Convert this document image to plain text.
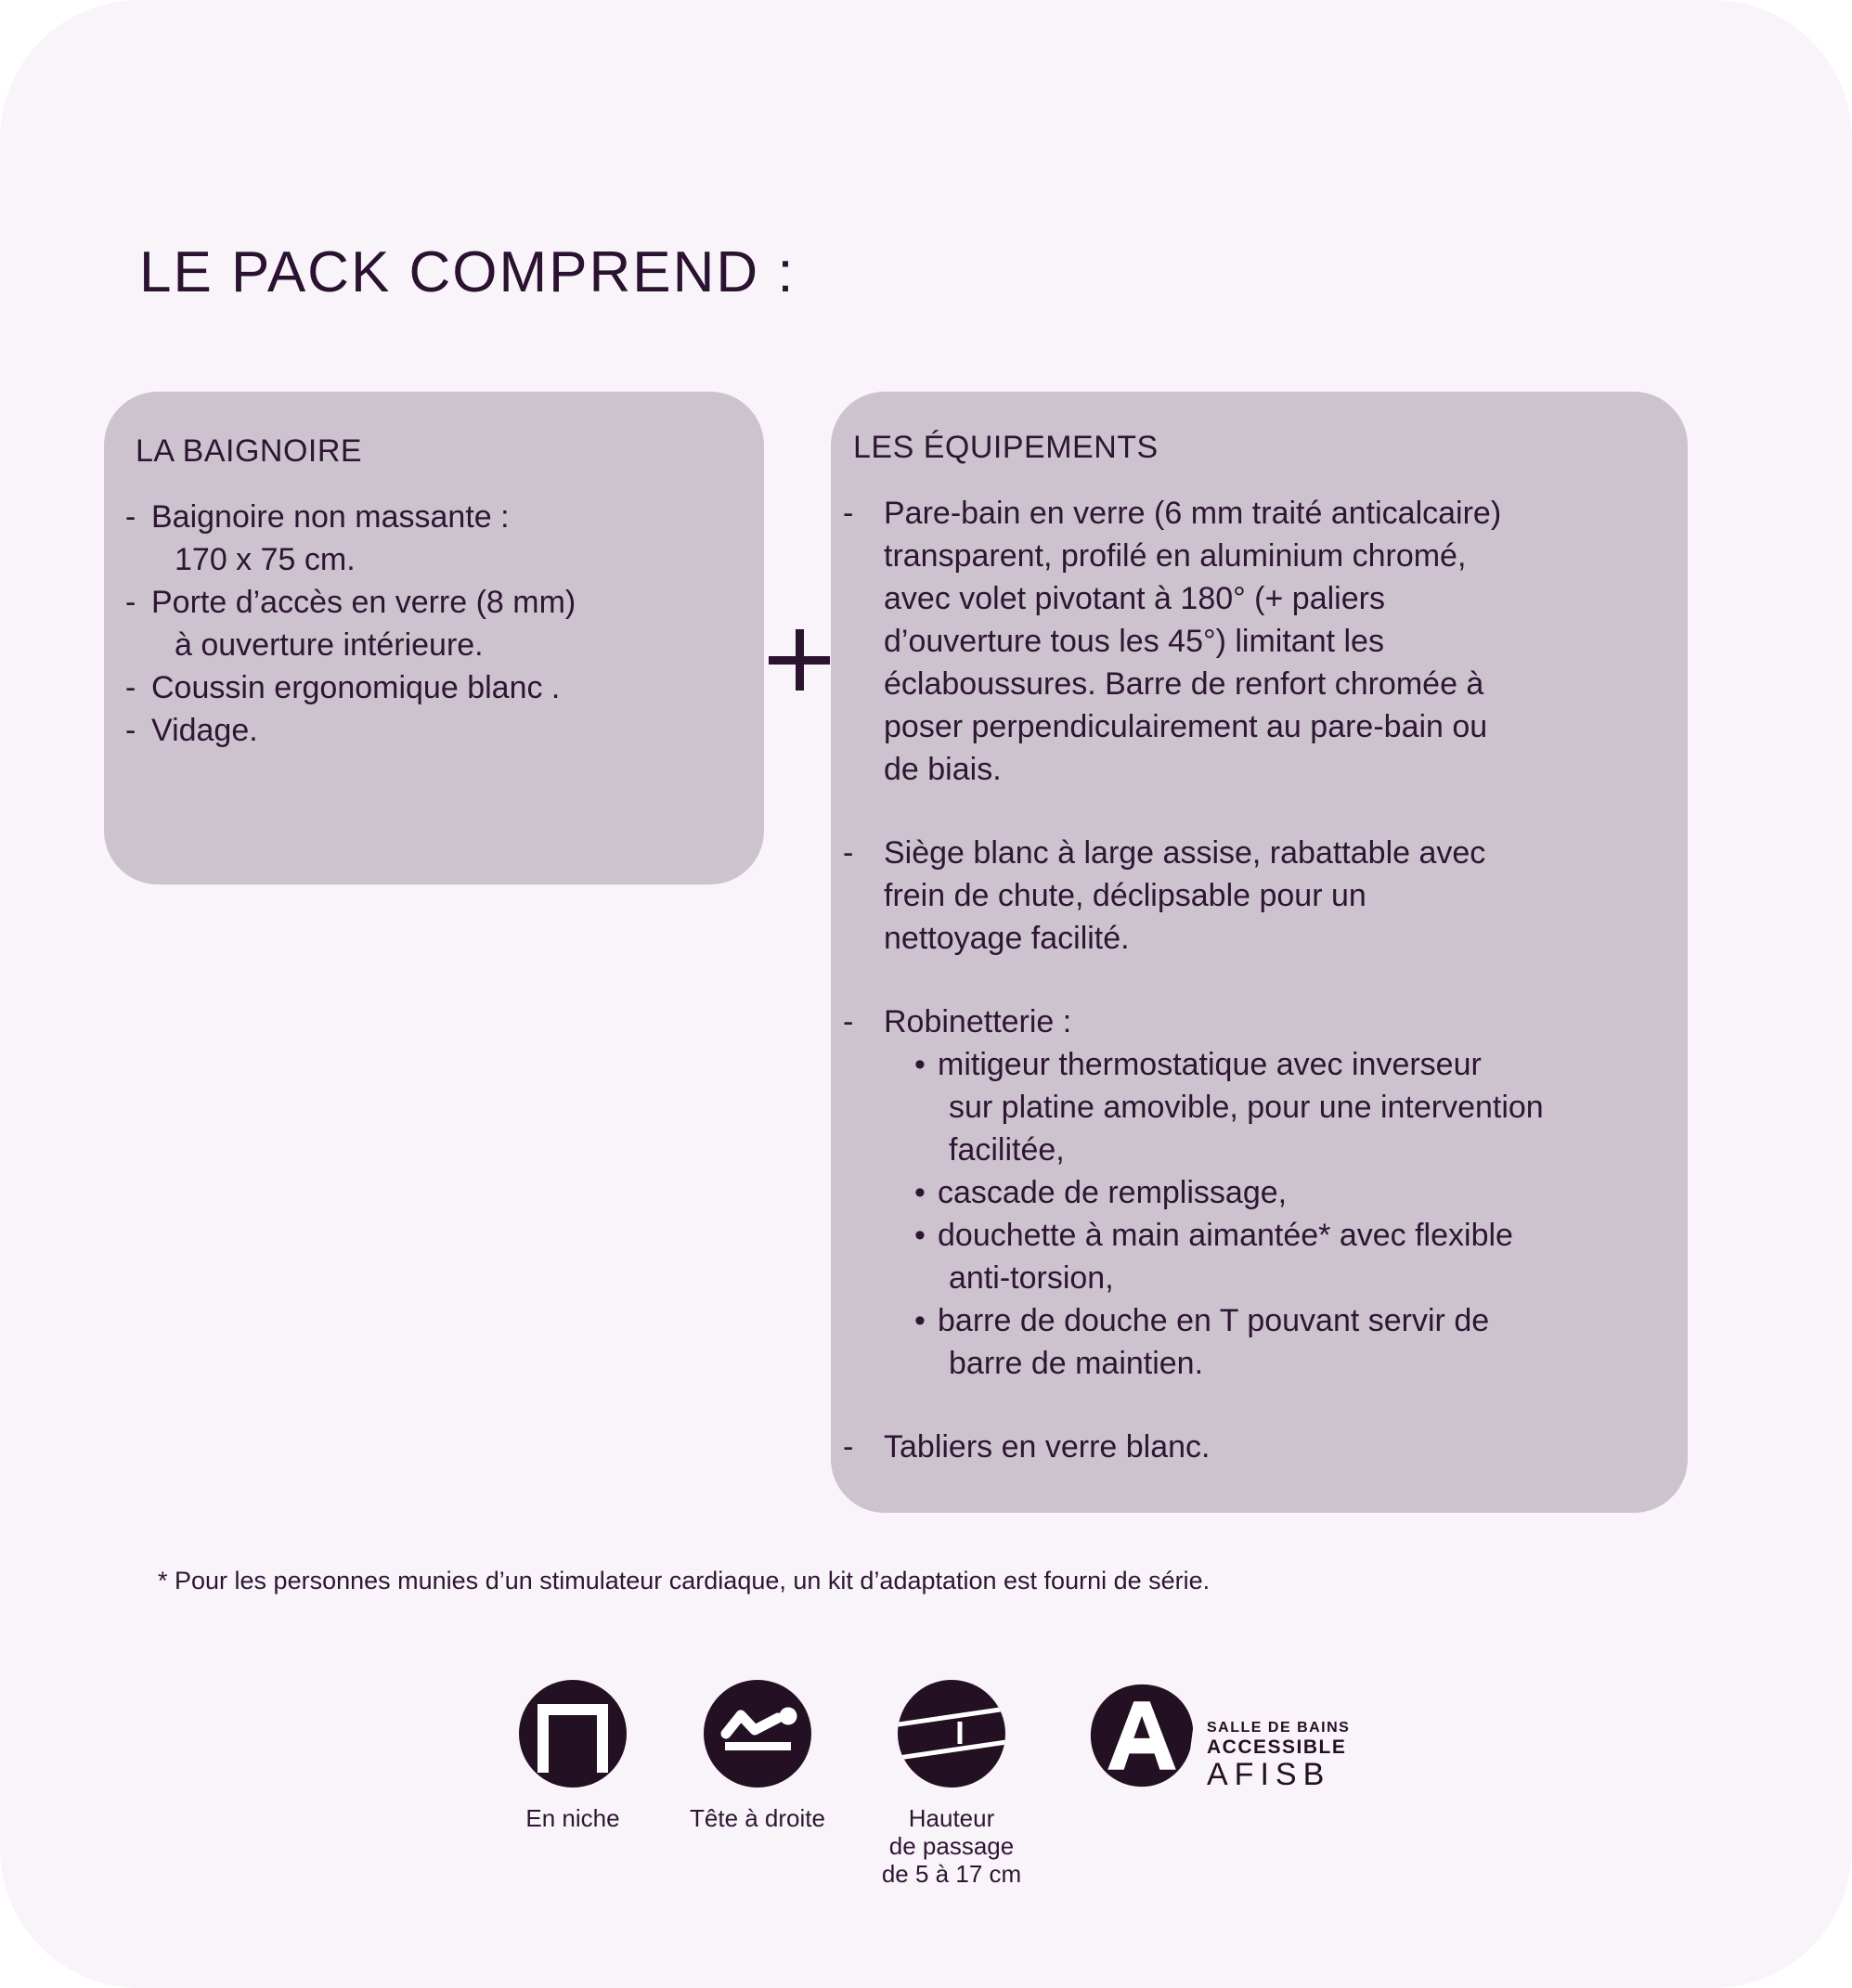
LE PACK COMPREND :
LA BAIGNOIRE
- Baignoire non massante :
170 x 75 cm.
- Porte d’accès en verre (8 mm)
à ouverture intérieure.
- Coussin ergonomique blanc .
- Vidage.
LES ÉQUIPEMENTS
- Pare-bain en verre (6 mm traité anticalcaire)
transparent, profilé en aluminium chromé,
avec volet pivotant à 180° (+ paliers
d’ouverture tous les 45°) limitant les
éclaboussures. Barre de renfort chromée à
poser perpendiculairement au pare-bain ou
de biais.
- Siège blanc à large assise, rabattable avec
frein de chute, déclipsable pour un
nettoyage facilité.
- Robinetterie :
• mitigeur thermostatique avec inverseur
sur platine amovible, pour une intervention
facilitée,
• cascade de remplissage,
• douchette à main aimantée* avec flexible
anti-torsion,
• barre de douche en T pouvant servir de
barre de maintien.
- Tabliers en verre blanc.

* Pour les personnes munies d’un stimulateur cardiaque, un kit d’adaptation est fourni de série.

En niche	Tête à droite	Hauteur
de passage
de 5 à 17 cm
SALLE DE BAINS
ACCESSIBLE
AFISB
